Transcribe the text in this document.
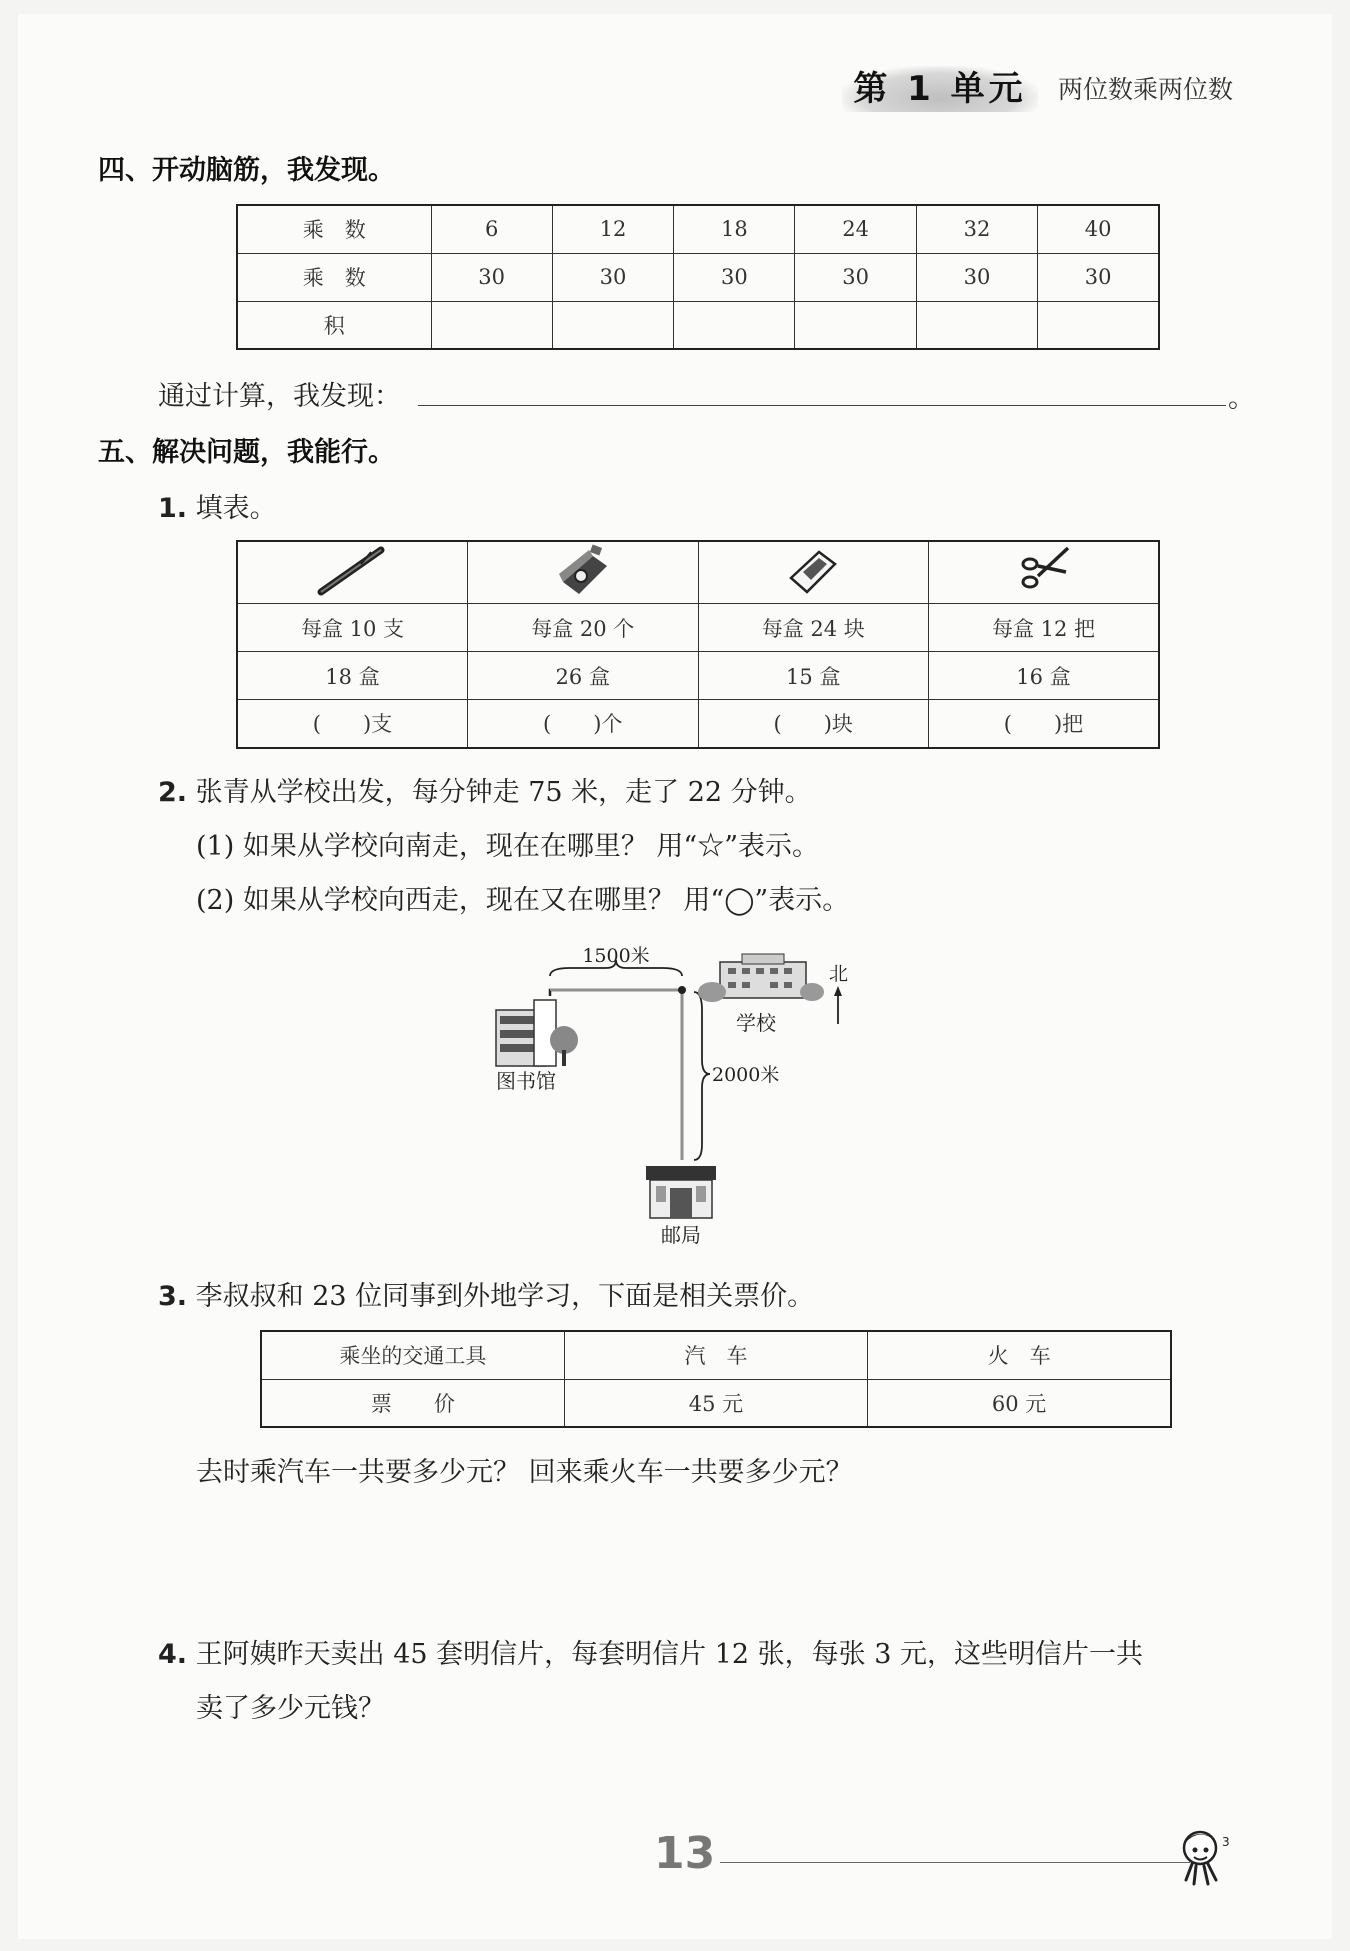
第 1 单元	两位数乘两位数
四、开动脑筋，我发现。
乘　数	6	12	18	24	32	40
乘　数	30	30	30	30	30	30
积						
通过计算，我发现：	。
五、解决问题，我能行。
1. 填表。

每盒 10 支	每盒 20 个	每盒 24 块	每盒 12 把
18 盒	26 盒	15 盒	16 盒
(　　)支	(　　)个	(　　)块	(　　)把
2. 张青从学校出发，每分钟走 75 米，走了 22 分钟。
(1) 如果从学校向南走，现在在哪里？ 用“☆”表示。
(2) 如果从学校向西走，现在又在哪里？ 用“◯”表示。
1500米
2000米
北
学校
图书馆
邮局
3. 李叔叔和 23 位同事到外地学习，下面是相关票价。
乘坐的交通工具	汽　车	火　车
票　　价	45 元	60 元
去时乘汽车一共要多少元？ 回来乘火车一共要多少元？
4. 王阿姨昨天卖出 45 套明信片，每套明信片 12 张，每张 3 元，这些明信片一共
卖了多少元钱？
13	3
